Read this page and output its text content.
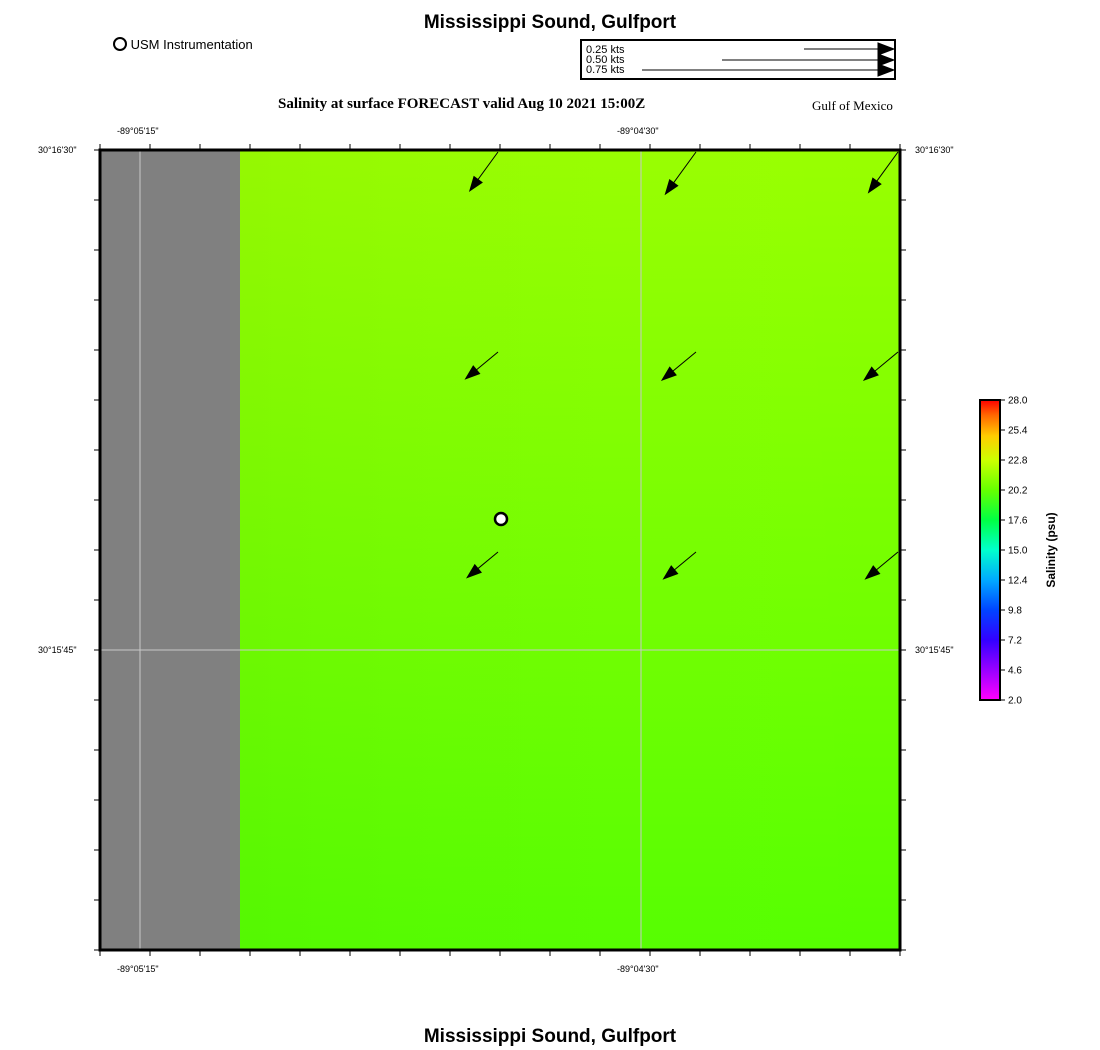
Mississippi Sound, Gulfport
USM Instrumentation	0.25 kts
0.50 kts
0.75 kts
Salinity at surface FORECAST valid Aug 10 2021 15:00Z	Gulf of Mexico
-89°05'15"	-89°04'30"
-89°05'15"	-89°04'30"
30°16'30"
30°15'45"
30°16'30"
30°15'45"
28.0
25.4
22.8
20.2
17.6
15.0
12.4
9.8
7.2
4.6
2.0
Salinity (psu)
Mississippi Sound, Gulfport
